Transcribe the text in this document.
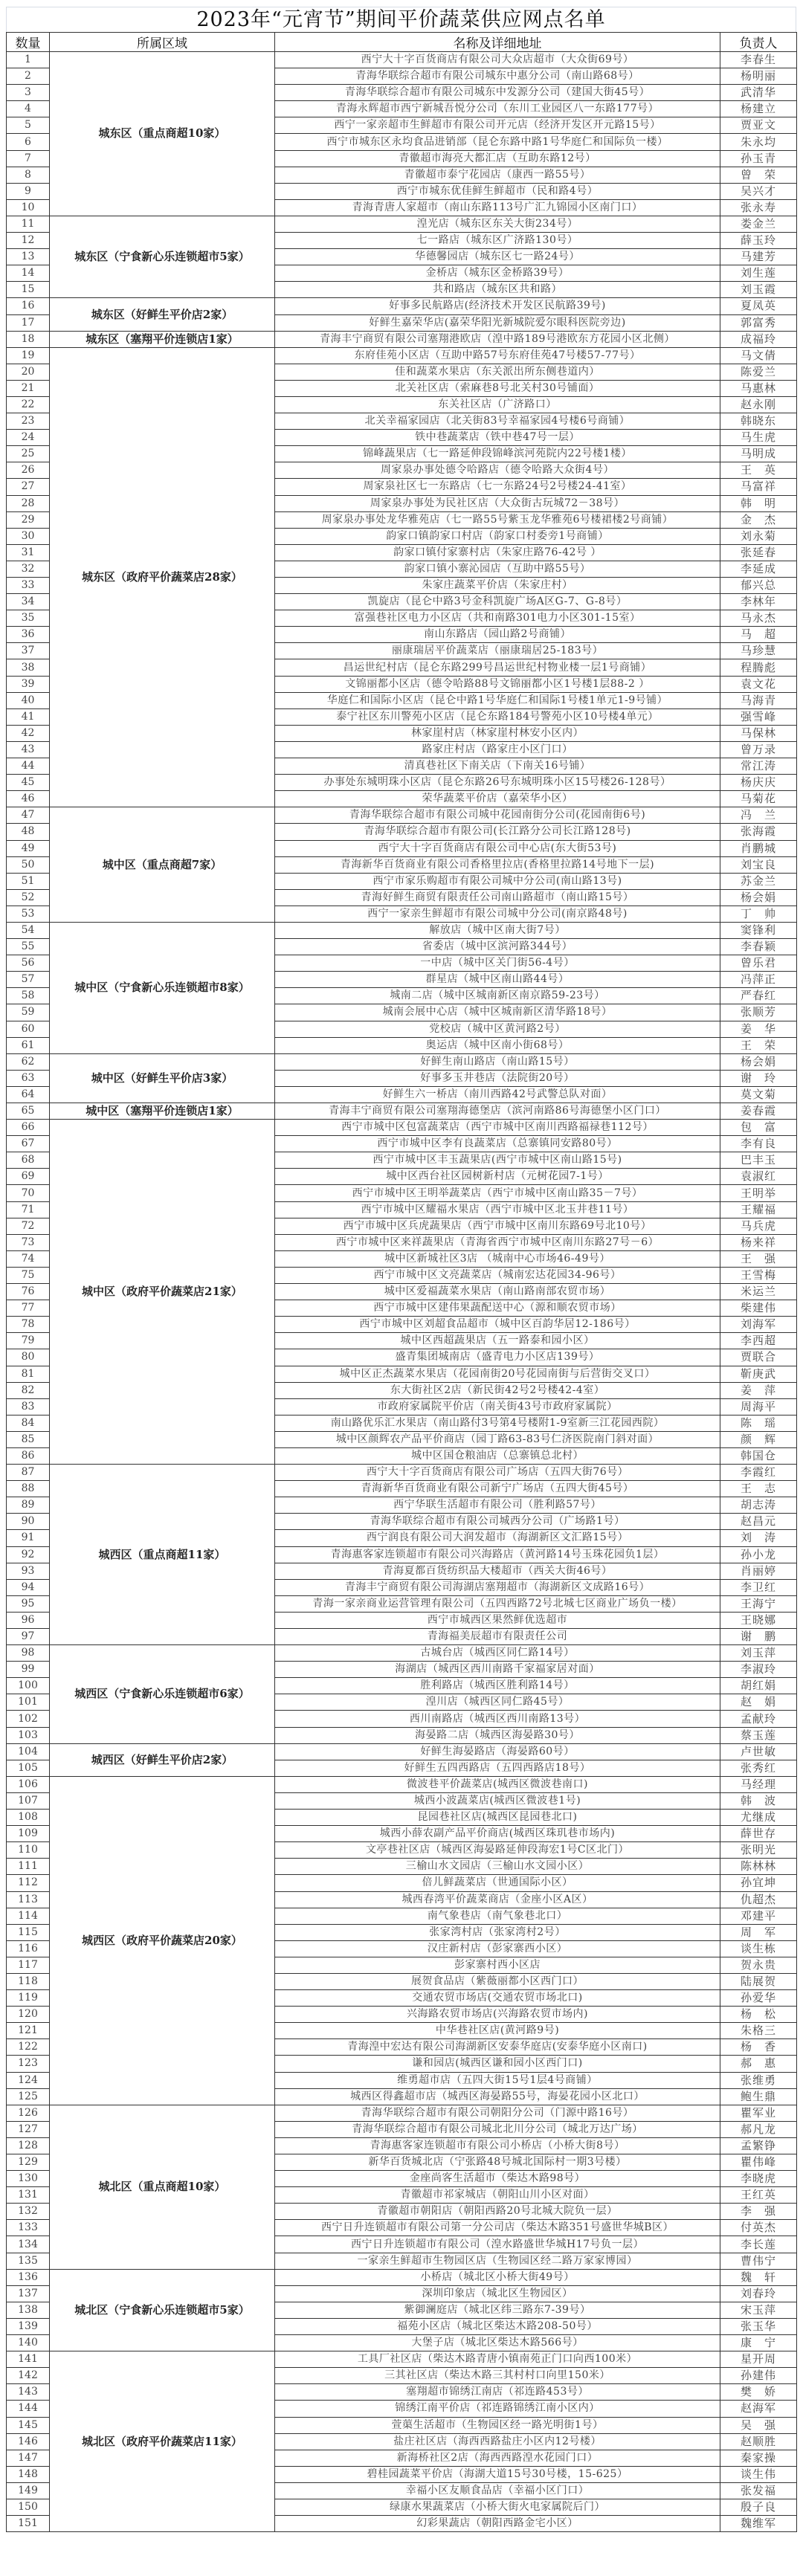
2023年“元宵节”期间平价蔬菜供应网点名单
数量	所属区域	名称及详细地址	负责人
1	城东区（重点商超10家）	西宁大十字百货商店有限公司大众店超市（大众街69号）	李春生
2		青海华联综合超市有限公司城东中惠分公司（南山路68号）	杨明丽
3		青海华联综合超市有限公司城东中发源分公司（建国大街45号）	武清华
4		青海永辉超市西宁新城吾悦分公司（东川工业园区八一东路177号）	杨建立
5		西宁一家亲超市生鲜超市有限公司开元店（经济开发区开元路15号）	贾亚文
6		西宁市城东区永均食品进销部（昆仑东路中路1号华庭仁和国际负一楼）	朱永均
7		青徽超市海亮大都汇店（互助东路12号）	孙玉青
8		青徽超市泰宁花园店（康西一路55号）	曾　荣
9		西宁市城东优佳鲜生鲜超市（民和路4号）	吴兴才
10		青海青唐人家超市（南山东路113号广汇九锦园小区南门口）	张永寿
11	城东区（宁食新心乐连锁超市5家）	湟光店（城东区东关大街234号）	娄金兰
12		七一路店（城东区广济路130号）	薛玉玲
13		华德馨园店（城东区七一路24号）	马建芳
14		金桥店（城东区金桥路39号）	刘生莲
15		共和路店（城东区共和路）	刘玉霞
16	城东区（好鲜生平价店2家）	好事多民航路店(经济技术开发区民航路39号)	夏凤英
17		好鲜生嘉荣华店(嘉荣华阳光新城院爱尔眼科医院旁边)	郭富秀
18	城东区（塞翔平价连锁店1家）	青海丰宁商贸有限公司塞翔港欧店（湟中路189号港欧东方花园小区北侧）	成福玲
19	城东区（政府平价蔬菜店28家）	东府佳苑小区店（互助中路57号东府佳苑47号楼57-77号）	马文倩
20		佳和蔬菜水果店（东关派出所东侧巷道内）	陈爱兰
21		北关社区店（索麻巷8号北关村30号铺面）	马惠林
22		东关社区店（广济路口）	赵永刚
23		北关幸福家园店（北关街83号幸福家园4号楼6号商铺）	韩晓东
24		铁中巷蔬菜店（铁中巷47号一层）	马生虎
25		锦峰蔬果店（七一路延伸段锦峰滨河苑院内22号楼1楼）	马明成
26		周家泉办事处德令哈路店（德令哈路大众街4号）	王　英
27		周家泉社区七一东路店（七一东路24号2号楼24-41室）	马富祥
28		周家泉办事处为民社区店（大众街古玩城72－38号）	韩　明
29		周家泉办事处龙华雅苑店（七一路55号紫玉龙华雅苑6号楼裙楼2号商铺）	金　杰
30		韵家口镇韵家口村店（韵家口村委旁1号商铺）	刘永菊
31		韵家口镇付家寨村店（朱家庄路76-42号 ）	张延春
32		韵家口镇小寨沁园店（互助中路55号）	李延成
33		朱家庄蔬菜平价店（朱家庄村）	郁兴总
34		凯旋店（昆仑中路3号金科凯旋广场A区G-7、G-8号）	李林年
35		富强巷社区电力小区店（共和南路301电力小区301-15室）	马永杰
36		南山东路店（园山路2号商铺）	马　超
37		丽康瑞居平价蔬菜店（丽康瑞居25-183号）	马珍慧
38		昌运世纪村店（昆仑东路299号昌运世纪村物业楼一层1号商铺）	程腾彪
39		文锦丽都小区店（德令哈路88号文锦丽都小区1号楼1层88-2 ）	袁文花
40		华庭仁和国际小区店（昆仑中路1号华庭仁和国际1号楼1单元1-9号铺）	马海青
41		泰宁社区东川警苑小区店（昆仑东路184号警苑小区10号楼4单元）	强雪峰
42		林家崖村店（林家崖村林安小区内）	马保林
43		路家庄村店（路家庄小区门口）	曾万录
44		清真巷社区下南关店（下南关16号铺）	常江涛
45		办事处东城明珠小区店（昆仑东路26号东城明珠小区15号楼26-128号）	杨庆庆
46		荣华蔬菜平价店（嘉荣华小区）	马菊花
47	城中区（重点商超7家）	青海华联综合超市有限公司城中花园南街分公司(花园南街6号)	冯　兰
48		青海华联综合超市有限公司(长江路分公司长江路128号)	张海霞
49		西宁大十字百货商店有限公司中心店(东大街53号)	肖鹏城
50		青海新华百货商业有限公司香格里拉店(香格里拉路14号地下一层)	刘宝良
51		西宁市家乐购超市有限公司城中分公司(南山路13号)	苏金兰
52		青海好鲜生商贸有限责任公司南山路超市（南山路15号）	杨会娟
53		西宁一家亲生鲜超市有限公司城中分公司(南京路48号)	丁　帅
54	城中区（宁食新心乐连锁超市8家）	解放店（城中区南大街7号）	窦锋利
55		省委店（城中区滨河路344号）	李春颖
56		一中店（城中区关门街56-4号）	曾乐君
57		群星店（城中区南山路44号）	冯萍正
58		城南二店（城中区城南新区南京路59-23号）	严春红
59		城南会展中心店（城中区城南新区清华路18号）	张顺芳
60		党校店（城中区黄河路2号）	姜　华
61		奥运店（城中区南小街68号）	王　荣
62	城中区（好鲜生平价店3家）	好鲜生南山路店（南山路15号）	杨会娟
63		好事多玉井巷店（法院街20号）	谢　玲
64		好鲜生六一桥店（南川西路42号武警总队对面）	莫文菊
65	城中区（塞翔平价连锁店1家）	青海丰宁商贸有限公司塞翔海德堡店（滨河南路86号海德堡小区门口）	姜春霞
66	城中区（政府平价蔬菜店21家）	西宁市城中区包富蔬菜店（西宁市城中区南川西路福禄巷112号）	包　富
67		西宁市城中区李有良蔬菜店（总寨镇同安路80号）	李有良
68		西宁市城中区丰玉蔬果店(西宁市城中区南山路15号)	巴丰玉
69		城中区西台社区园树新村店（元树花园7-1号）	袁淑红
70		西宁市城中区王明举蔬菜店（西宁市城中区南山路35－7号）	王明举
71		西宁市城中区耀福水果店（西宁市城中区北玉井巷11号）	王耀福
72		西宁市城中区兵虎蔬果店（西宁市城中区南川东路69号北10号）	马兵虎
73		西宁市城中区来祥蔬果店（青海省西宁市城中区南川东路27号－6）	杨来祥
74		城中区新城社区3店 （城南中心市场46-49号）	王　强
75		西宁市城中区文亮蔬菜店（城南宏达花园34-96号）	王雪梅
76		城中区爱福蔬菜水果店（南山路南部农贸市场）	米运兰
77		西宁市城中区建伟果蔬配送中心（源和顺农贸市场）	柴建伟
78		西宁市城中区刘超食品超市（城中区百韵华居12-186号）	刘海军
79		城中区西超蔬果店（五一路泰和园小区）	李西超
80		盛青集团城南店（盛青电力小区店139号）	贾联合
81		城中区正杰蔬菜水果店（花园南街20号花园南街与后营街交叉口）	靳庚武
82		东大街社区2店（新民街42号2号楼42-4室）	姜　萍
83		市政府家属院平价店（南关街43号市政府家属院）	周海平
84		南山路优乐汇水果店（南山路付3号第4号楼附1-9室新三江花园西院）	陈　瑶
85		城中区颜辉农产品平价商店（园丁路63-83号仁济医院南门斜对面）	颜　辉
86		城中区国仓粮油店（总寨镇总北村）	韩国仓
87	城西区（重点商超11家）	西宁大十字百货商店有限公司广场店（五四大街76号）	李霞红
88		青海新华百货商业有限公司新宁广场店（五四大街45号）	王　志
89		西宁华联生活超市有限公司（胜利路57号）	胡志涛
90		青海华联综合超市有限公司城西分公司（广场路1号）	赵昌元
91		西宁润良有限公司大润发超市（海湖新区文汇路15号）	刘　涛
92		青海惠客家连锁超市有限公司兴海路店（黄河路14号玉珠花园负1层）	孙小龙
93		青海夏都百货纺织品大楼超市（西关大街46号）	肖丽婷
94		青海丰宁商贸有限公司海湖店塞翔超市（海湖新区文成路16号）	李卫红
95		青海一家亲商业运营管理有限公司（五四西路72号北城七区商业广场负一楼）	王海宁
96		西宁市城西区果然鲜优选超市	王晓娜
97		青海福美辰超市有限责任公司	谢　鹏
98	城西区（宁食新心乐连锁超市6家）	古城台店（城西区同仁路14号）	刘玉萍
99		海湖店（城西区西川南路千家福家居对面）	李淑玲
100		胜利路店（城西区胜利路14号）	胡红娟
101		湟川店（城西区同仁路45号）	赵　娟
102		西川南路店（城西区西川南路13号）	孟献玲
103		海晏路二店（城西区海晏路30号）	蔡玉莲
104	城西区（好鲜生平价店2家）	好鲜生海晏路店（海晏路60号）	卢世敏
105		好鲜生五四西路店（五四西路店18号）	张秀红
106	城西区（政府平价蔬菜店20家）	微波巷平价蔬菜店(城西区微波巷南口)	马经理
107		城西小波蔬菜店(城西区微波巷1号)	韩　波
108		昆园巷社区店(城西区昆园巷北口)	尤继成
109		城西小薛农副产品平价商店(城西区珠玑巷市场内)	薛世存
110		文亭巷社区店（城西区海晏路延伸段海宏1号C区北门）	张明光
111		三榆山水文园店（三榆山水文园小区）	陈林林
112		倍儿鲜蔬菜店（世通国际小区）	孙宜坤
113		城西春湾平价蔬菜商店（金座小区A区）	仇超杰
114		南气象巷店（南气象巷北口）	邓建平
115		张家湾村店（张家湾村2号）	周　军
116		汉庄新村店（彭家寨西小区）	谈生栋
117		彭家寨村西小区店	贺永贵
118		展贺食品店（紫薇丽都小区西门口）	陆展贺
119		交通农贸市场店(交通农贸市场北口)	孙爱华
120		兴海路农贸市场店(兴海路农贸市场内)	杨　松
121		中华巷社区店(黄河路9号)	朱格三
122		青海湟中宏达有限公司海湖新区安泰华庭店(安泰华庭小区南口)	杨　香
123		谦和园店(城西区谦和园小区西门口)	郝　惠
124		维勇超市店（五四大街15号1层4号商铺）	张维勇
125		城西区得鑫超市店（城西区海晏路55号，海晏花园小区北口）	鲍生鼎
126	城北区（重点商超10家）	青海华联综合超市有限公司朝阳分公司（门源中路16号）	瞿军业
127		青海华联综合超市有限公司城北北川分公司（城北万达广场）	郝凡龙
128		青海惠客家连锁超市有限公司小桥店（小桥大街8号）	孟繁铮
129		新华百货城北店（宁张路48号城北国际村一期3号楼）	瞿伟峰
130		金座尚客生活超市（柴达木路98号）	李晓虎
131		青徽超市祁家城店（朝阳山川小区对面）	王红英
132		青徽超市朝阳店（朝阳西路20号北城大院负一层）	李　强
133		西宁日升连锁超市有限公司第一分公司店（柴达木路351号盛世华城B区）	付英杰
134		西宁日升连锁超市有限公司（湟水路盛世华城H17号负一层）	李长莲
135		一家亲生鲜超市生物园区店（生物园区经二路万家家博园）	曹伟宁
136	城北区（宁食新心乐连锁超市5家）	小桥店（城北区小桥大街49号）	魏　轩
137		深圳印象店（城北区生物园区）	刘春玲
138		紫御澜庭店（城北区纬三路东7-39号）	宋玉萍
139		福苑小区店（城北区柴达木路208-50号）	张玉华
140		大堡子店（城北区柴达木路566号）	康　宁
141	城北区（政府平价蔬菜店11家）	工具厂社区店（柴达木路青唐小镇南苑正门口向西100米）	星开周
142		三其社区店（柴达木路三其村村口向里150米）	孙建伟
143		塞翔超市锦绣江南店（祁连路453号）	樊　娇
144		锦绣江南平价店（祁连路锦绣江南小区内）	赵海军
145		萱蕖生活超市（生物园区经一路光明街1号）	吴　强
146		盐庄社区店（海西西路盐庄小区内12号楼）	赵顺胜
147		新海桥社区2店（海西西路湟水花园门口）	秦家操
148		碧桂园蔬菜平价店（海湖大道15号30号楼，15-625）	谈生伟
149		幸福小区友顺食品店（幸福小区门口）	张发福
150		绿康水果蔬菜店（小桥大街火电家属院后门）	殷子良
151		幻彩果蔬店（朝阳西路金宅小区）	魏维军
